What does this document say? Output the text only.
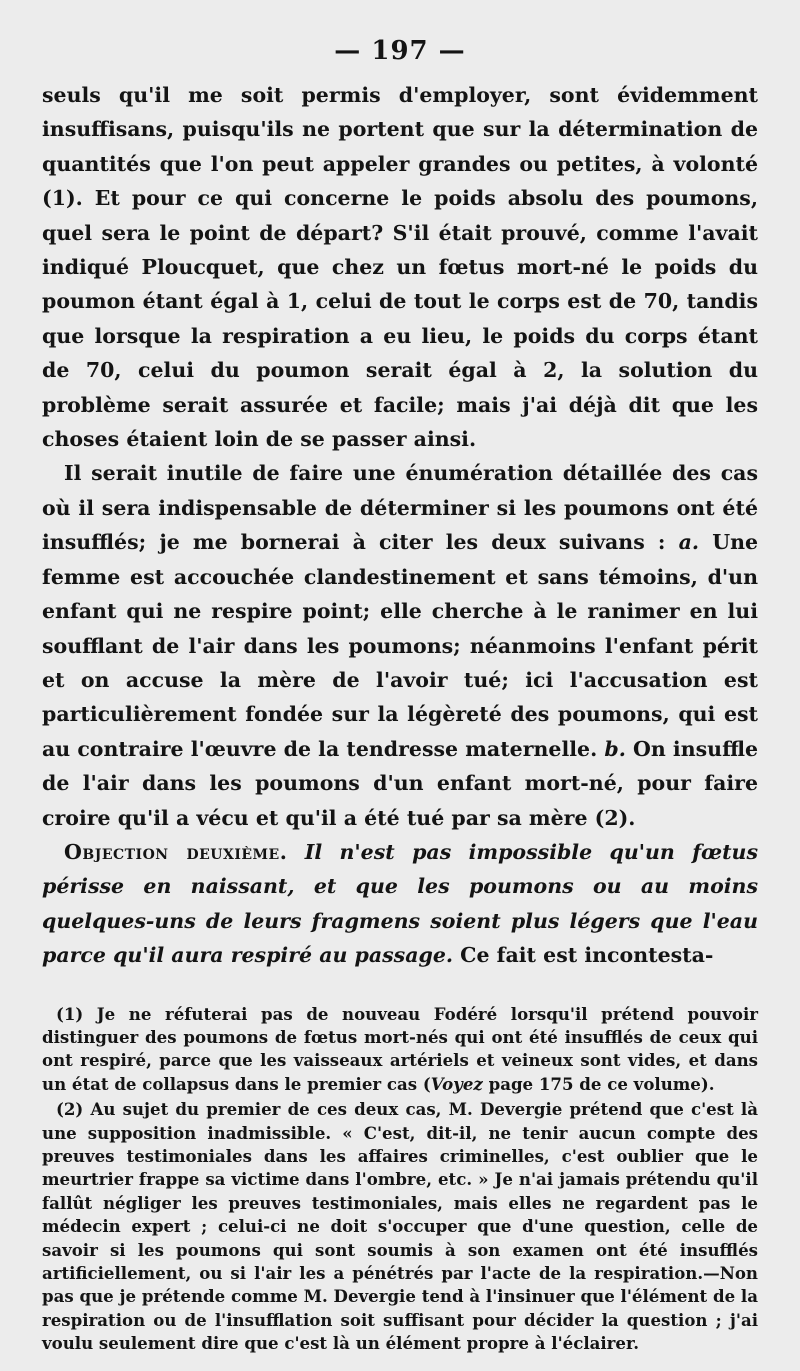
— 197 —

seuls qu'il me soit permis d'employer, sont évidemment insuffisans, puisqu'ils ne portent que sur la détermination de quantités que l'on peut appeler grandes ou petites, à volonté (1). Et pour ce qui concerne le poids absolu des poumons, quel sera le point de départ? S'il était prouvé, comme l'avait indiqué Ploucquet, que chez un fœtus mort-né le poids du poumon étant égal à 1, celui de tout le corps est de 70, tandis que lorsque la respiration a eu lieu, le poids du corps étant de 70, celui du poumon serait égal à 2, la solution du problème serait assurée et facile; mais j'ai déjà dit que les choses étaient loin de se passer ainsi.

Il serait inutile de faire une énumération détaillée des cas où il sera indispensable de déterminer si les poumons ont été insufflés; je me bornerai à citer les deux suivans : a. Une femme est accouchée clandestinement et sans témoins, d'un enfant qui ne respire point; elle cherche à le ranimer en lui soufflant de l'air dans les poumons; néanmoins l'enfant périt et on accuse la mère de l'avoir tué; ici l'accusation est particulièrement fondée sur la légèreté des poumons, qui est au contraire l'œuvre de la tendresse maternelle. b. On insuffle de l'air dans les poumons d'un enfant mort-né, pour faire croire qu'il a vécu et qu'il a été tué par sa mère (2).

Objection deuxième. Il n'est pas impossible qu'un fœtus périsse en naissant, et que les poumons ou au moins quelques-uns de leurs fragmens soient plus légers que l'eau parce qu'il aura respiré au passage. Ce fait est incontesta-

(1) Je ne réfuterai pas de nouveau Fodéré lorsqu'il prétend pouvoir distinguer des poumons de fœtus mort-nés qui ont été insufflés de ceux qui ont respiré, parce que les vaisseaux artériels et veineux sont vides, et dans un état de collapsus dans le premier cas (Voyez page 175 de ce volume).

(2) Au sujet du premier de ces deux cas, M. Devergie prétend que c'est là une supposition inadmissible. « C'est, dit-il, ne tenir aucun compte des preuves testimoniales dans les affaires criminelles, c'est oublier que le meurtrier frappe sa victime dans l'ombre, etc. » Je n'ai jamais prétendu qu'il fallût négliger les preuves testimoniales, mais elles ne regardent pas le médecin expert ; celui-ci ne doit s'occuper que d'une question, celle de savoir si les poumons qui sont soumis à son examen ont été insufflés artificiellement, ou si l'air les a pénétrés par l'acte de la respiration.—Non pas que je prétende comme M. Devergie tend à l'insinuer que l'élément de la respiration ou de l'insufflation soit suffisant pour décider la question ; j'ai voulu seulement dire que c'est là un élément propre à l'éclairer.
